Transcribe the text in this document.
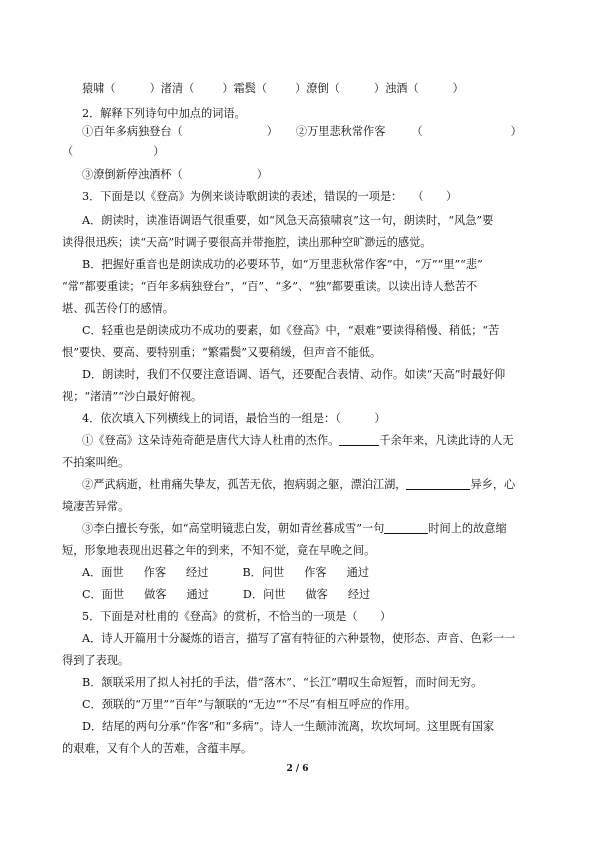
猿啸（	）渚清（	）霜鬓（	）潦倒（	）浊酒（	）
2．解释下列诗句中加点的词语。
①百年多病独登台（	） ②万里悲秋常作客 （	）
（	）
③潦倒新停浊酒杯（	）
3．下面是以《登高》为例来谈诗歌朗读的表述，错误的一项是： （　　）
A．朗读时，读准语调语气很重要，如“风急天高猿啸哀”这一句，朗读时，“风急”要
读得很迅疾；读“天高”时调子要很高并带拖腔，读出那种空旷渺远的感觉。
B．把握好重音也是朗读成功的必要环节，如“万里悲秋常作客”中，“万”“里”“悲”
“常”都要重读；“百年多病独登台”，“百”、“多”、“独”都要重读。以读出诗人愁苦不
堪、孤苦伶仃的感情。
C．轻重也是朗读成功不成功的要素，如《登高》中，“艰难”要读得稍慢、稍低；“苦
恨”要快、要高、要特别重；“繁霜鬓”又要稍缓，但声音不能低。
D．朗读时，我们不仅要注意语调、语气，还要配合表情、动作。如读“天高”时最好仰
视；“渚清”“沙白最好俯视。
4．依次填入下列横线上的词语，最恰当的一组是：（　　　）
①《登高》这朵诗苑奇葩是唐代大诗人杜甫的杰作。	千余年来，凡读此诗的人无
不拍案叫绝。
②严武病逝，杜甫痛失挚友，孤苦无依，抱病弱之躯，漂泊江湖，	异乡，心
境凄苦异常。
③李白擅长夸张，如“高堂明镜悲白发，朝如青丝暮成雪”一句	时间上的故意缩
短，形象地表现出迟暮之年的到来，不知不觉，竟在早晚之间。
A．面世 作客 经过	B．问世 作客 通过
C．面世 做客 通过	D．问世 做客 经过
5．下面是对杜甫的《登高》的赏析，不恰当的一项是（　　）
A．诗人开篇用十分凝炼的语言，描写了富有特征的六种景物，使形态、声音、色彩一一
得到了表现。
B．颔联采用了拟人衬托的手法，借“落木”、“长江”喟叹生命短暂，而时间无穷。
C．颈联的“万里”“百年”与颔联的“无边”“不尽”有相互呼应的作用。
D．结尾的两句分承“作客”和“多病”。诗人一生颠沛流离，坎坎坷坷。这里既有国家
的艰难，又有个人的苦难，含蕴丰厚。
2 / 6
